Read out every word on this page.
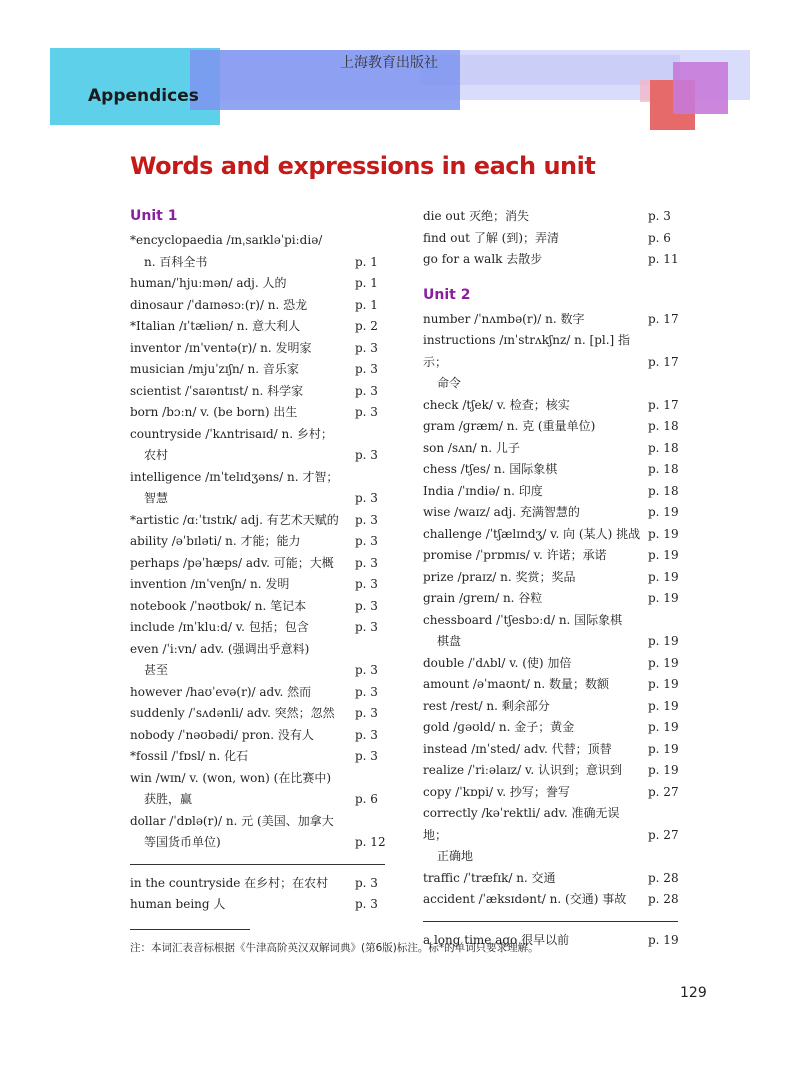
上海教育出版社
Appendices
Words and expressions in each unit
Unit 1
*encyclopaedia /ɪnˌsaɪkləˈpiːdiə/
n. 百科全书
	p. 1
human/ˈhjuːmən/ adj. 人的	p. 1
dinosaur /ˈdaɪnəsɔː(r)/ n. 恐龙	p. 1
*Italian /ɪˈtæliən/ n. 意大利人	p. 2
inventor /ɪnˈventə(r)/ n. 发明家	p. 3
musician /mjuˈzɪʃn/ n. 音乐家	p. 3
scientist /ˈsaɪəntɪst/ n. 科学家	p. 3
born /bɔːn/ v. (be born) 出生	p. 3
countryside /ˈkʌntrisaɪd/ n. 乡村；
农村
	p. 3
intelligence /ɪnˈtelɪdʒəns/ n. 才智；
智慧
	p. 3
*artistic /ɑːˈtɪstɪk/ adj. 有艺术天赋的	p. 3
ability /əˈbɪləti/ n. 才能；能力	p. 3
perhaps /pəˈhæps/ adv. 可能；大概	p. 3
invention /ɪnˈvenʃn/ n. 发明	p. 3
notebook /ˈnəʊtbʊk/ n. 笔记本	p. 3
include /ɪnˈkluːd/ v. 包括；包含	p. 3
even /ˈiːvn/ adv. (强调出乎意料)
甚至
	p. 3
however /haʊˈevə(r)/ adv. 然而	p. 3
suddenly /ˈsʌdənli/ adv. 突然；忽然	p. 3
nobody /ˈnəʊbədi/ pron. 没有人	p. 3
*fossil /ˈfɒsl/ n. 化石	p. 3
win /wɪn/ v. (won, won) (在比赛中)
获胜，赢
	p. 6
dollar /ˈdɒlə(r)/ n. 元 (美国、加拿大
等国货币单位)
	p. 12
in the countryside 在乡村；在农村	p. 3
human being 人	p. 3
die out 灭绝；消失	p. 3
find out 了解 (到)；弄清	p. 6
go for a walk 去散步	p. 11
Unit 2
number /ˈnʌmbə(r)/ n. 数字	p. 17
instructions /ɪnˈstrʌkʃnz/ n. [pl.] 指示；
命令

p. 17
check /tʃek/ v. 检查；核实	p. 17
gram /ɡræm/ n. 克 (重量单位)	p. 18
son /sʌn/ n. 儿子	p. 18
chess /tʃes/ n. 国际象棋	p. 18
India /ˈɪndiə/ n. 印度	p. 18
wise /waɪz/ adj. 充满智慧的	p. 19
challenge /ˈtʃælɪndʒ/ v. 向 (某人) 挑战 p. 19
promise /ˈprɒmɪs/ v. 许诺；承诺	p. 19
prize /praɪz/ n. 奖赏；奖品	p. 19
grain /ɡreɪn/ n. 谷粒	p. 19
chessboard /ˈtʃesbɔːd/ n. 国际象棋
棋盘
	p. 19
double /ˈdʌbl/ v. (使) 加倍	p. 19
amount /əˈmaʊnt/ n. 数量；数额	p. 19
rest /rest/ n. 剩余部分	p. 19
gold /ɡəʊld/ n. 金子；黄金	p. 19
instead /ɪnˈsted/ adv. 代替；顶替	p. 19
realize /ˈriːəlaɪz/ v. 认识到；意识到	p. 19
copy /ˈkɒpi/ v. 抄写；誊写	p. 27
correctly /kəˈrektli/ adv. 准确无误地；
正确地

p. 27
traffic /ˈtræfɪk/ n. 交通	p. 28
accident /ˈæksɪdənt/ n. (交通) 事故	p. 28
a long time ago 很早以前	p. 19
注：本词汇表音标根据《牛津高阶英汉双解词典》(第6版)标注。标*的单词只要求理解。
129
